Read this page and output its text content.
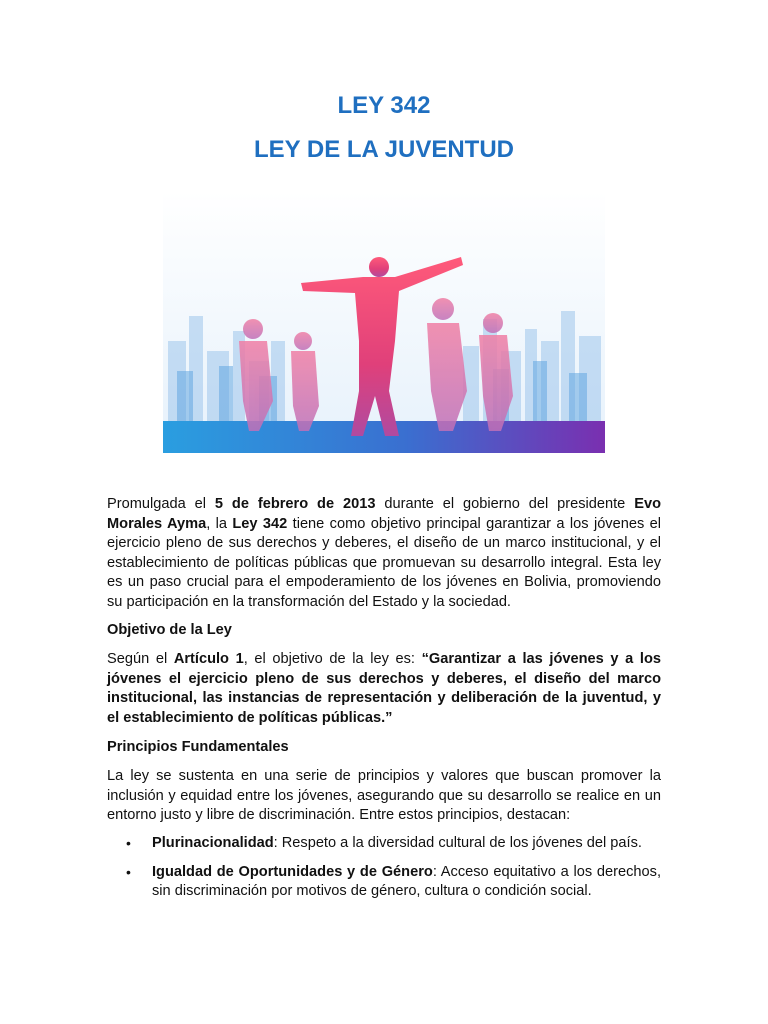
LEY 342
LEY DE LA JUVENTUD

Promulgada el 5 de febrero de 2013 durante el gobierno del presidente Evo Morales Ayma, la Ley 342 tiene como objetivo principal garantizar a los jóvenes el ejercicio pleno de sus derechos y deberes, el diseño de un marco institucional, y el establecimiento de políticas públicas que promuevan su desarrollo integral. Esta ley es un paso crucial para el empoderamiento de los jóvenes en Bolivia, promoviendo su participación en la transformación del Estado y la sociedad.

Objetivo de la Ley

Según el Artículo 1, el objetivo de la ley es: “Garantizar a las jóvenes y a los jóvenes el ejercicio pleno de sus derechos y deberes, el diseño del marco institucional, las instancias de representación y deliberación de la juventud, y el establecimiento de políticas públicas.”

Principios Fundamentales

La ley se sustenta en una serie de principios y valores que buscan promover la inclusión y equidad entre los jóvenes, asegurando que su desarrollo se realice en un entorno justo y libre de discriminación. Entre estos principios, destacan:

• Plurinacionalidad: Respeto a la diversidad cultural de los jóvenes del país.
• Igualdad de Oportunidades y de Género: Acceso equitativo a los derechos, sin discriminación por motivos de género, cultura o condición social.
